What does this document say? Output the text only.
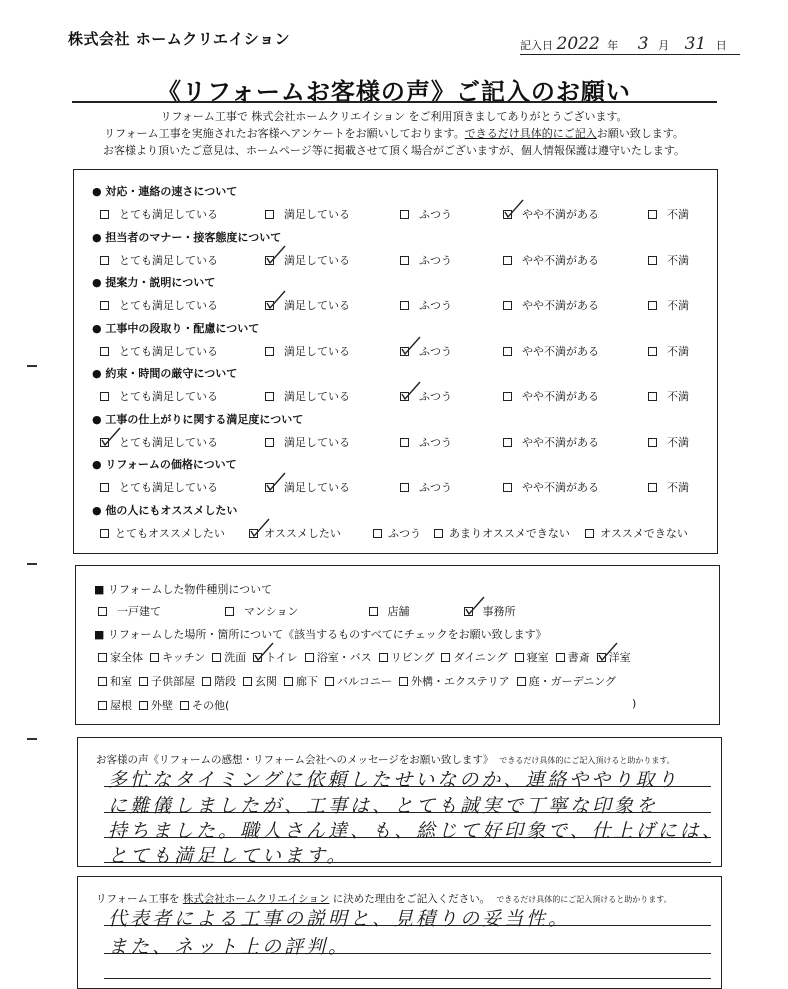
株式会社 ホームクリエイション	記入日 2022 年 3 月 31 日
《リフォームお客様の声》ご記入のお願い
リフォーム工事で 株式会社ホームクリエイション をご利用頂きましてありがとうございます。
リフォーム工事を実施されたお客様へアンケートをお願いしております。できるだけ具体的にご記入お願い致します。
お客様より頂いたご意見は、ホームページ等に掲載させて頂く場合がございますが、個人情報保護は遵守いたします。
● 対応・連絡の速さについて
とても満足している	満足している	ふつう	やや不満がある	不満
● 担当者のマナー・接客態度について
とても満足している	満足している	ふつう	やや不満がある	不満
● 提案力・説明について
とても満足している	満足している	ふつう	やや不満がある	不満
● 工事中の段取り・配慮について
とても満足している	満足している	ふつう	やや不満がある	不満
● 約束・時間の厳守について
とても満足している	満足している	ふつう	やや不満がある	不満
● 工事の仕上がりに関する満足度について
とても満足している	満足している	ふつう	やや不満がある	不満
● リフォームの価格について
とても満足している	満足している	ふつう	やや不満がある	不満
● 他の人にもオススメしたい
とてもオススメしたい	オススメしたい	ふつう	あまりオススメできない	オススメできない
■ リフォームした物件種別について
一戸建て	マンション	店舗	事務所
■ リフォームした場所・箇所について《該当するものすべてにチェックをお願い致します》
家全体 キッチン 洗面 トイレ 浴室・バス リビング ダイニング 寝室 書斎 洋室
和室 子供部屋 階段 玄関 廊下 バルコニー 外構・エクステリア 庭・ガーデニング
屋根 外壁 その他(	)
お客様の声《リフォームの感想・リフォーム会社へのメッセージをお願い致します》 できるだけ具体的にご記入頂けると助かります。
多忙なタイミングに依頼したせいなのか、連絡ややり取り
に難儀しましたが、工事は、とても誠実で丁寧な印象を
持ちました。職人さん達、も、総じて好印象で、仕上げには、
とても満足しています。
リフォーム工事を 株式会社ホームクリエイション に決めた理由をご記入ください。 できるだけ具体的にご記入頂けると助かります。
代表者による工事の説明と、見積りの妥当性。
また、ネット上の評判。
